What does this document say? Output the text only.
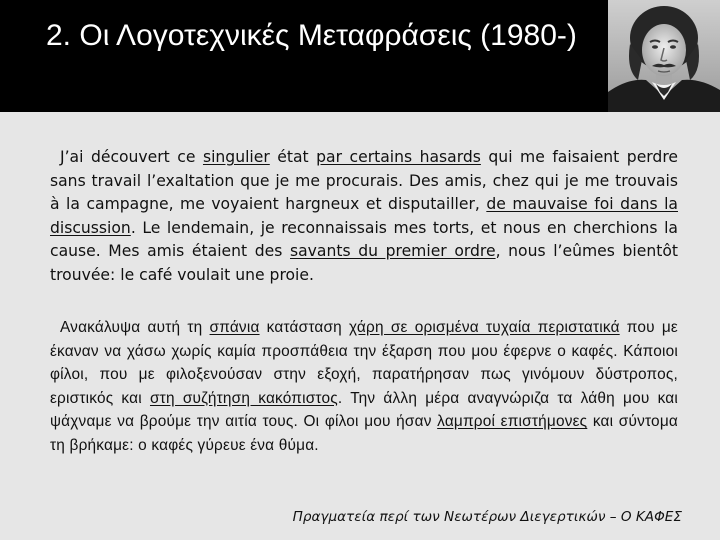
2. Οι Λογοτεχνικές Μεταφράσεις (1980-)

J’ai découvert ce singulier état par certains hasards qui me faisaient perdre sans travail l’exaltation que je me procurais. Des amis, chez qui je me trouvais à la campagne, me voyaient hargneux et disputailler, de mauvaise foi dans la discussion. Le lendemain, je reconnaissais mes torts, et nous en cherchions la cause. Mes amis étaient des savants du premier ordre, nous l’eûmes bientôt trouvée: le café voulait une proie.

Ανακάλυψα αυτή τη σπάνια κατάσταση χάρη σε ορισμένα τυχαία περιστατικά που με έκαναν να χάσω χωρίς καμία προσπάθεια την έξαρση που μου έφερνε ο καφές. Κάποιοι φίλοι, που με φιλοξενούσαν στην εξοχή, παρατήρησαν πως γινόμουν δύστροπος, εριστικός και στη συζήτηση κακόπιστος. Την άλλη μέρα αναγνώριζα τα λάθη μου και ψάχναμε να βρούμε την αιτία τους. Οι φίλοι μου ήσαν λαμπροί επιστήμονες και σύντομα τη βρήκαμε: ο καφές γύρευε ένα θύμα.

Πραγματεία περί των Νεωτέρων Διεγερτικών – Ο ΚΑΦΕΣ
